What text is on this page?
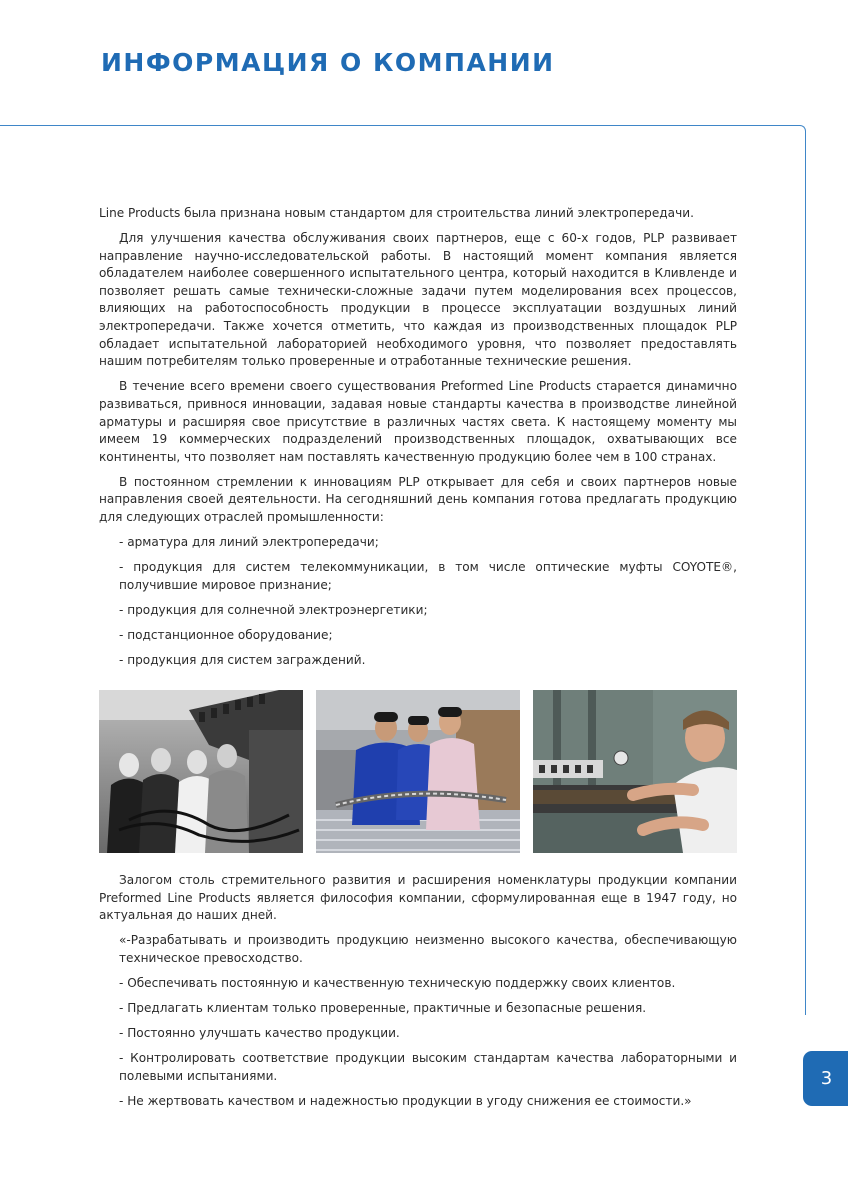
ИНФОРМАЦИЯ О КОМПАНИИ

Line Products была признана новым стандартом для строительства линий электропередачи.

Для улучшения качества обслуживания своих партнеров, еще с 60-х годов, PLP развивает направление научно-исследовательской работы. В настоящий момент компания является обладателем наиболее совершенного испытательного центра, который находится в Кливленде и позволяет решать самые технически-сложные задачи путем моделирования всех процессов, влияющих на работоспособность продукции в процессе эксплуатации воздушных линий электропередачи. Также хочется отметить, что каждая из производственных площадок PLP обладает испытательной лабораторией необходимого уровня, что позволяет предоставлять нашим потребителям только проверенные и отработанные технические решения.

В течение всего времени своего существования Preformed Line Products старается динамично развиваться, привнося инновации, задавая новые стандарты качества в производстве линейной арматуры и расширяя свое присутствие в различных частях света. К настоящему моменту мы имеем 19 коммерческих подразделений производственных площадок, охватывающих все континенты, что позволяет нам поставлять качественную продукцию более чем в 100 странах.

В постоянном стремлении к инновациям PLP открывает для себя и своих партнеров новые направления своей деятельности. На сегодняшний день компания готова предлагать продукцию для следующих отраслей промышленности:

- арматура для линий электропередачи;

- продукция для систем телекоммуникации, в том числе оптические муфты COYOTE®, получившие мировое признание;

- продукция для солнечной электроэнергетики;

- подстанционное оборудование;

- продукция для систем заграждений.

Залогом столь стремительного развития и расширения номенклатуры продукции компании Preformed Line Products является философия компании, сформулированная еще в 1947 году, но актуальная до наших дней.

«-Разрабатывать и производить продукцию неизменно высокого качества, обеспечивающую техническое превосходство.

- Обеспечивать постоянную и качественную техническую поддержку своих клиентов.

- Предлагать клиентам только проверенные, практичные и безопасные решения.

- Постоянно улучшать качество продукции.

- Контролировать соответствие продукции высоким стандартам качества лабораторными и полевыми испытаниями.

- Не жертвовать качеством и надежностью продукции в угоду снижения ее стоимости.»

3
